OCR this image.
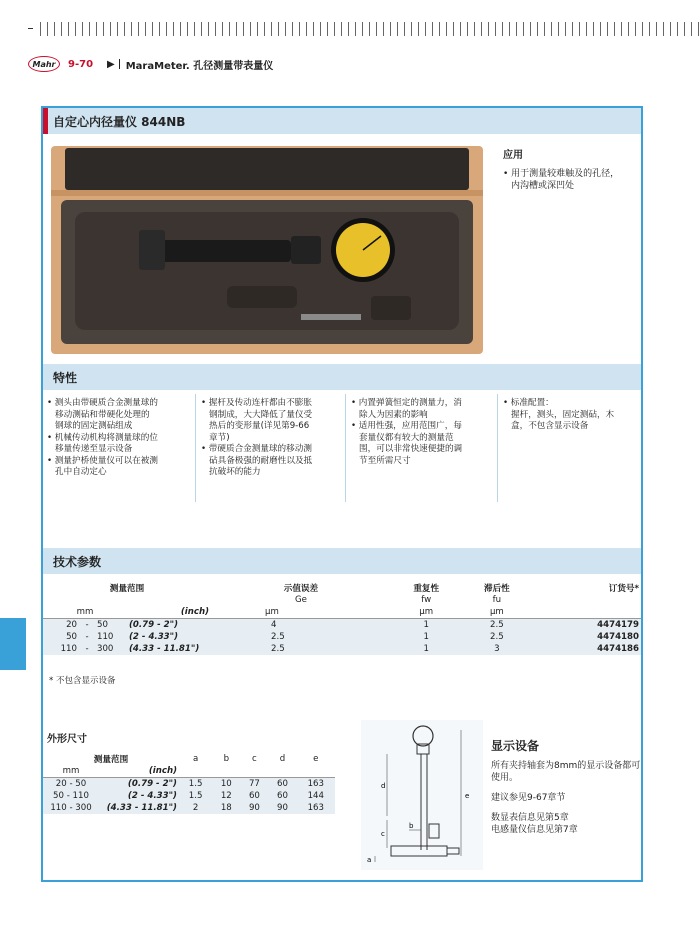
Mahr	9-70 ▶ MaraMeter. 孔径测量带表量仪
自定心内径量仪 844NB
应用
• 用于测量较难触及的孔径，
内沟槽或深凹处
特性
• 测头由带硬质合金测量球的
移动测砧和带硬化处理的
钢球的固定测砧组成
• 机械传动机构将测量球的位
移量传递至显示设备
• 测量护桥使量仪可以在被测
孔中自动定心
• 握杆及传动连杆都由不膨胀
钢制成，大大降低了量仪受
热后的变形量(详见第9-66
章节)
• 带硬质合金测量球的移动测
砧具备极强的耐磨性以及抵
抗破坏的能力
• 内置弹簧恒定的测量力，消
除人为因素的影响
• 适用性强，应用范围广，每
套量仪都有较大的测量范
围，可以非常快速便捷的调
节至所需尺寸
• 标准配置：
握杆，测头，固定测砧，木
盒，不包含显示设备
技术参数
测量范围				示值误差	重复性	滞后性	订货号*
				Ge	fw	fu	
mm			(inch)	μm	μm	μm	
20	-	50	(0.79 - 2")	4	1	2.5	4474179
50	-	110	(2 - 4.33")	2.5	1	2.5	4474180
110	-	300	(4.33 - 11.81")	2.5	1	3	4474186
* 不包含显示设备
外形尺寸
测量范围		a	b	c	d	e
mm	(inch)					
20 - 50	(0.79 - 2")	1.5	10	77	60	163
50 - 110	(2 - 4.33")	1.5	12	60	60	144
110 - 300	(4.33 - 11.81")	2	18	90	90	163
d
c
b
e
a
显示设备

所有夹持轴套为8mm的显示设备都可使用。

建议参见9-67章节

数显表信息见第5章
电感量仪信息见第7章
